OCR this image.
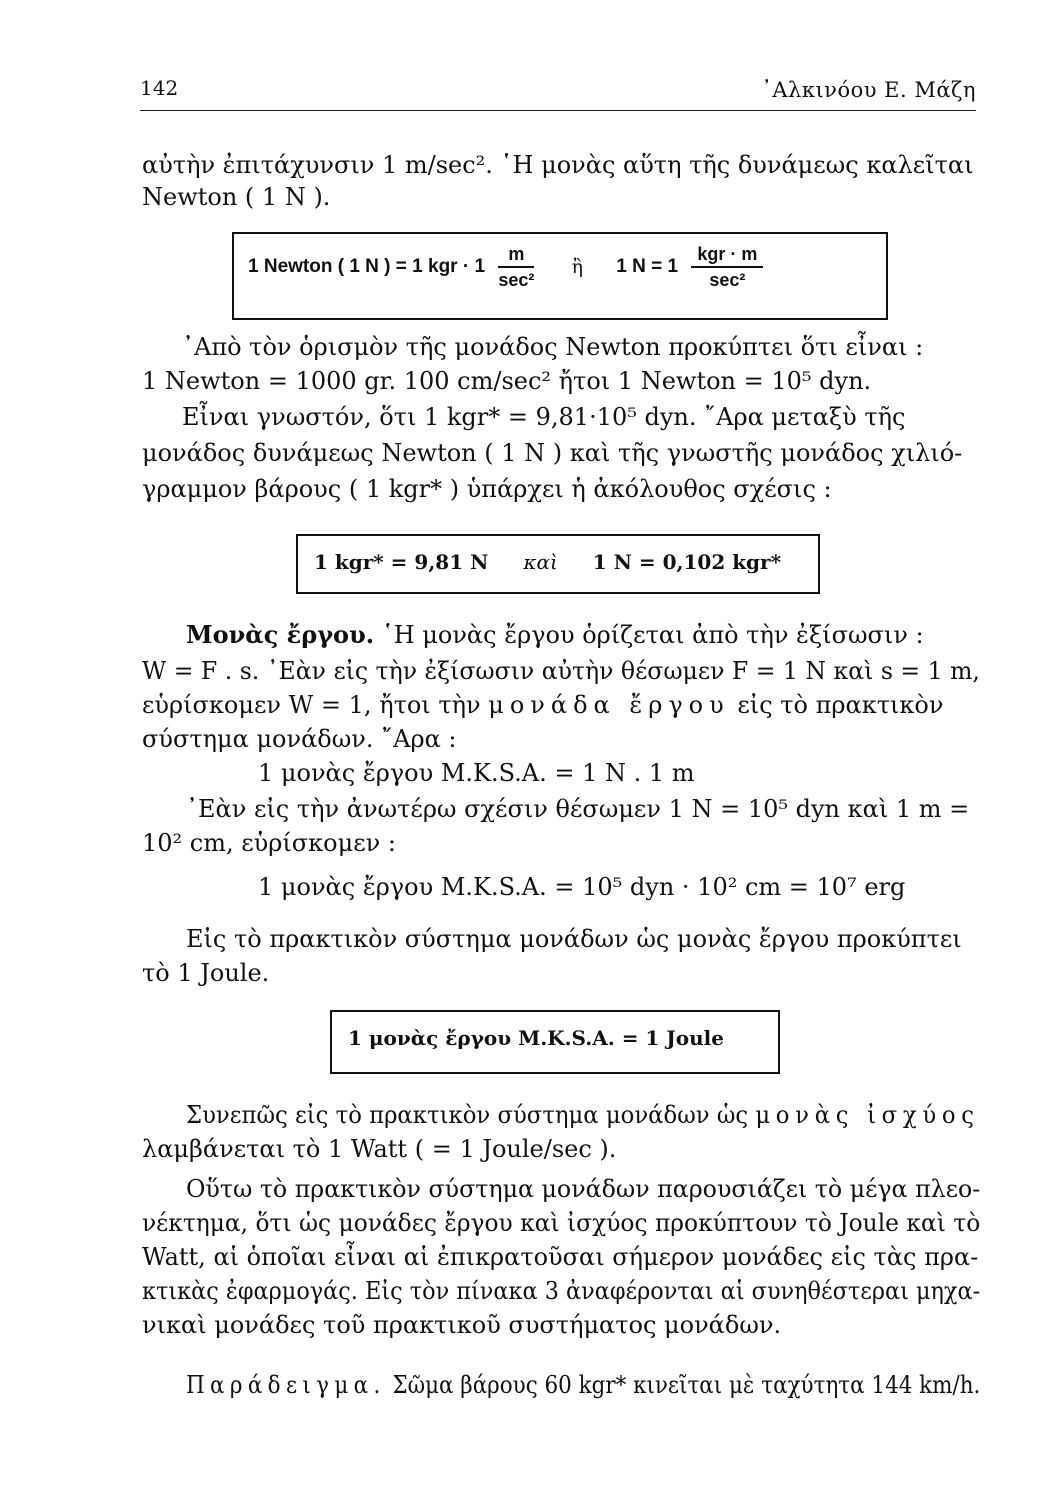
142	᾿Αλκινόου Ε. Μάζη
αὐτὴν ἐπιτάχυνσιν 1 m/sec². ῾Η μονὰς αὕτη τῆς δυνάμεως καλεῖται
Newton ( 1 N ).
1 Newton ( 1 N ) = 1 kgr · $1 \frac{m}{\text{sec²}}$ ἢ 1 $N = 1 \frac{\text{kgr · m}}{\text{sec²}}$
᾿Απὸ τὸν ὁρισμὸν τῆς μονάδος Newton προκύπτει ὅτι εἶναι :
1 Newton = 1000 gr. 100 cm/sec² ἤτοι 1 Newton = 10⁵ dyn.
Εἶναι γνωστόν, ὅτι 1 kgr* = 9,81·10⁵ dyn. ῎Αρα μεταξὺ τῆς
μονάδος δυνάμεως Newton ( 1 N ) καὶ τῆς γνωστῆς μονάδος χιλιό-
γραμμον βάρους ( 1 kgr* ) ὑπάρχει ἡ ἀκόλουθος σχέσις :
1 kgr* = 9,81 N καὶ 1 N = 0,102 kgr*
Μονὰς ἔργου. ῾Η μονὰς ἔργου ὁρίζεται ἀπὸ τὴν ἐξίσωσιν :
W = F . s. ᾿Εὰν εἰς τὴν ἐξίσωσιν αὐτὴν θέσωμεν F = 1 N καὶ s = 1 m,
εὑρίσκομεν W = 1, ἤτοι τὴν μονάδα ἔργου εἰς τὸ πρακτικὸν
σύστημα μονάδων. ῎Αρα :
1 μονὰς ἔργου M.K.S.A. = 1 N . 1 m
᾿Εὰν εἰς τὴν ἀνωτέρω σχέσιν θέσωμεν 1 N = 10⁵ dyn καὶ 1 m =
10² cm, εὑρίσκομεν :
1 μονὰς ἔργου M.K.S.A. = 10⁵ dyn · 10² cm = 10⁷ erg
Εἰς τὸ πρακτικὸν σύστημα μονάδων ὡς μονὰς ἔργου προκύπτει
τὸ 1 Joule.
1 μονὰς ἔργου M.K.S.A. = 1 Joule
Συνεπῶς εἰς τὸ πρακτικὸν σύστημα μονάδων ὡς μονὰς ἰσχύος
λαμβάνεται τὸ 1 Watt ( = 1 Joule/sec ).
Οὕτω τὸ πρακτικὸν σύστημα μονάδων παρουσιάζει τὸ μέγα πλεο-
νέκτημα, ὅτι ὡς μονάδες ἔργου καὶ ἰσχύος προκύπτουν τὸ Joule καὶ τὸ
Watt, αἱ ὁποῖαι εἶναι αἱ ἐπικρατοῦσαι σήμερον μονάδες εἰς τὰς πρα-
κτικὰς ἐφαρμογάς. Εἰς τὸν πίνακα 3 ἀναφέρονται αἱ συνηθέστεραι μηχα-
νικαὶ μονάδες τοῦ πρακτικοῦ συστήματος μονάδων.
Παράδειγμα. Σῶμα βάρους 60 kgr* κινεῖται μὲ ταχύτητα 144 km/h.
